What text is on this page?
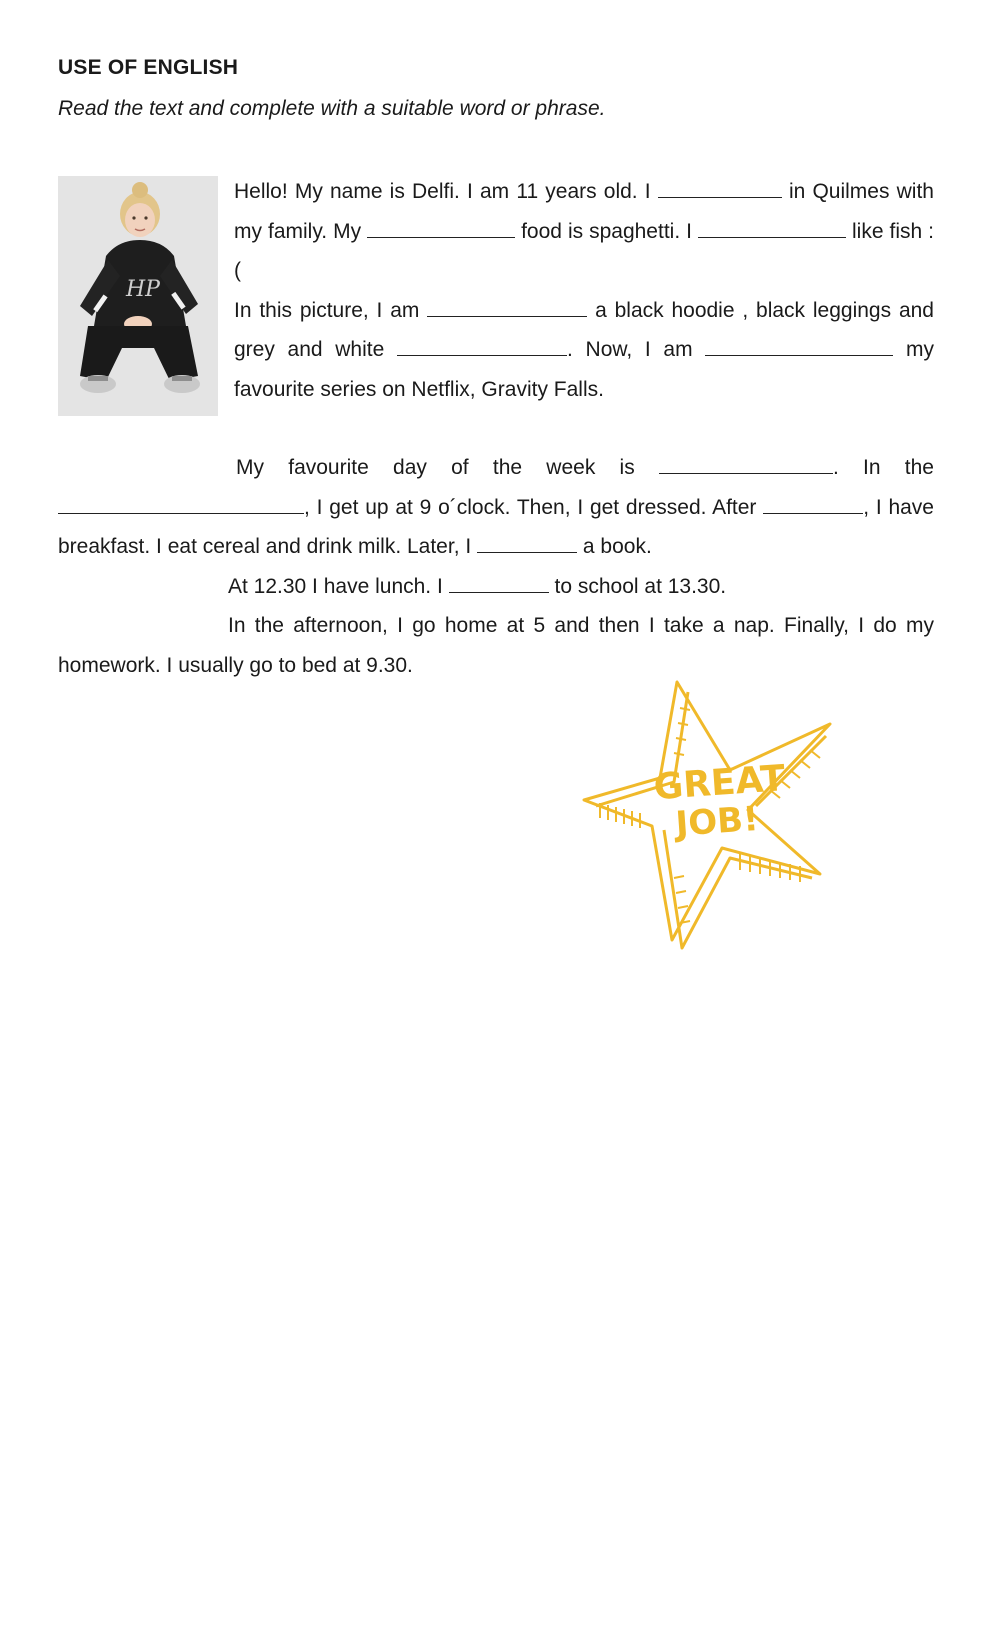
USE OF ENGLISH
Read the text and complete with a suitable word or phrase.
HP

Hello! My name is Delfi. I am 11 years old. I	in Quilmes with my family. My	food is spaghetti. I	like fish :(

In this picture, I am	a black hoodie , black leggings and grey and white	. Now, I am	my favourite series on Netflix, Gravity Falls.

My favourite day of the week is	. In the

, I get up at 9 o´clock. Then, I get dressed. After	, I have breakfast. I eat cereal and drink milk. Later, I	a book.

At 12.30 I have lunch. I	to school at 13.30.

In the afternoon, I go home at 5 and then I take a nap. Finally, I do my homework. I usually go to bed at 9.30.

GREAT
JOB!
